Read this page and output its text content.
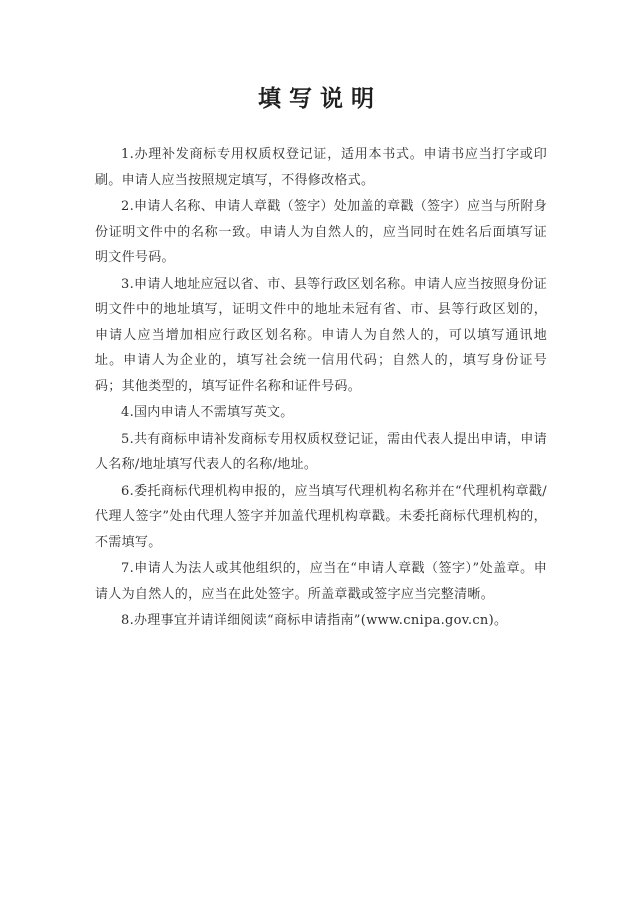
填写说明

1.办理补发商标专用权质权登记证，适用本书式。申请书应当打字或印刷。申请人应当按照规定填写，不得修改格式。

2.申请人名称、申请人章戳（签字）处加盖的章戳（签字）应当与所附身份证明文件中的名称一致。申请人为自然人的，应当同时在姓名后面填写证明文件号码。

3.申请人地址应冠以省、市、县等行政区划名称。申请人应当按照身份证明文件中的地址填写，证明文件中的地址未冠有省、市、县等行政区划的，申请人应当增加相应行政区划名称。申请人为自然人的，可以填写通讯地址。申请人为企业的，填写社会统一信用代码；自然人的，填写身份证号码；其他类型的，填写证件名称和证件号码。

4.国内申请人不需填写英文。

5.共有商标申请补发商标专用权质权登记证，需由代表人提出申请，申请人名称/地址填写代表人的名称/地址。

6.委托商标代理机构申报的，应当填写代理机构名称并在“代理机构章戳/代理人签字”处由代理人签字并加盖代理机构章戳。未委托商标代理机构的，不需填写。

7.申请人为法人或其他组织的，应当在“申请人章戳（签字）”处盖章。申请人为自然人的，应当在此处签字。所盖章戳或签字应当完整清晰。

8.办理事宜并请详细阅读“商标申请指南”(www.cnipa.gov.cn)。
